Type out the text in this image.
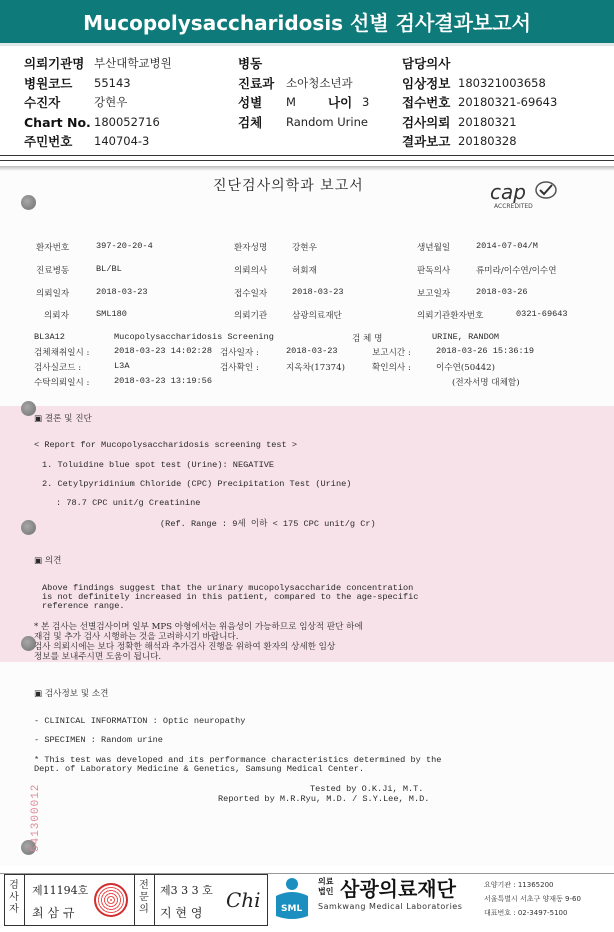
Mucopolysaccharidosis 선별 검사결과보고서
의뢰기관명 부산대학교병원
병원코드	55143
수진자	강현우
Chart No. 180052716
주민번호	140704-3
병동
진료과	소아청소년과
성별	M	나이 3
검체	Random Urine
담당의사
임상정보 180321003658
접수번호 20180321-69643
검사의뢰 20180321
결과보고 20180328
진단검사의학과 보고서	cap
ACCREDITED
환자번호	397-20-20-4	환자성명	강현우	생년월일	2014-07-04/M
진료병동	BL/BL	의뢰의사	허회재	판독의사	류미라/이수연/이수연
의뢰일자	2018-03-23	접수일자	2018-03-23	보고일자	2018-03-26
의뢰자	SML180	의뢰기관	삼광의료재단	의뢰기관환자번호	0321-69643
BL3A12	Mucopolysaccharidosis Screening	검 체 명	URINE, RANDOM
검체채취일시 :	2018-03-23 14:02:28 검사일자 :	2018-03-23	보고시간 :	2018-03-26 15:36:19
검사실코드 :	L3A	검사확인 :	지옥차(17374)	확인의사 :	이수연(50442)
수탁의뢰일시 :	2018-03-23 13:19:56	(전자서명 대체함)
▣ 결론 및 진단
< Report for Mucopolysaccharidosis screening test >
1. Toluidine blue spot test (Urine): NEGATIVE
2. Cetylpyridinium Chloride (CPC) Precipitation Test (Urine)
: 78.7 CPC unit/g Creatinine
(Ref. Range : 9세 이하 < 175 CPC unit/g Cr)
▣ 의견
Above findings suggest that the urinary mucopolysaccharide concentration
is not definitely increased in this patient, compared to the age-specific
reference range.
* 본 검사는 선별검사이며 일부 MPS 아형에서는 위음성이 가능하므로 임상적 판단 하에
재검 및 추가 검사 시행하는 것을 고려하시기 바랍니다.
검사 의뢰시에는 보다 정확한 해석과 추가검사 진행을 위하여 환자의 상세한 임상
정보를 보내주시면 도움이 됩니다.
▣ 검사정보 및 소견
- CLINICAL INFORMATION : Optic neuropathy
- SPECIMEN : Random urine
* This test was developed and its performance characteristics determined by the
Dept. of Laboratory Medicine & Genetics, Samsung Medical Center.
Tested by O.K.Ji, M.T.
Reported by M.R.Ryu, M.D. / S.Y.Lee, M.D.
541300012
검
사
자
제11194호
최 삼 규
전
문
의
제3 3 3 호
지 현 영
Chi SML
의료
법인 삼광의료재단
Samkwang Medical Laboratories
요양기관 : 11365200
서울특별시 서초구 양재동 9-60
대표번호 : 02-3497-5100
